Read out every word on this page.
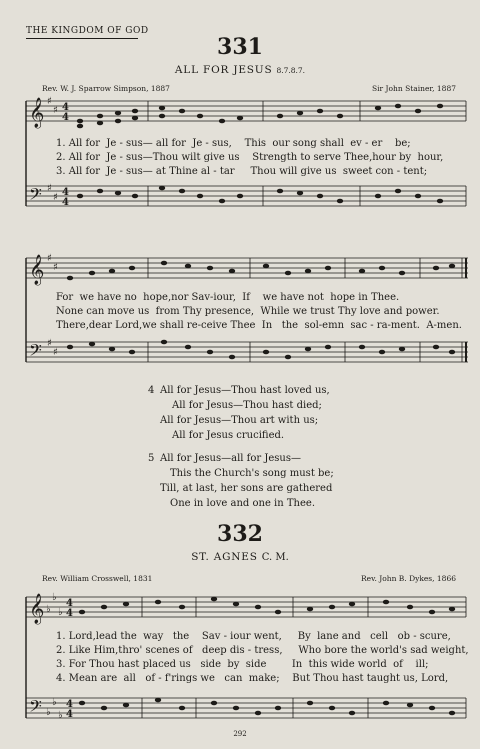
THE KINGDOM OF GOD
331
ALL FOR JESUS 8.7.8.7.
Rev. W. J. Sparrow Simpson, 1887	Sir John Stainer, 1887
𝄞
𝄢
𝄞
𝄢
𝄞
𝄢
♯
♯
♯
♯
♯
♯
♯
♯
♭
♭
♭
♭
♭
♭
4
4
4
4
4
4
4
4
1. All for  Je - sus— all for  Je - sus,    This  our song shall  ev - er    be;
2. All for  Je - sus—Thou wilt give us    Strength to serve Thee,hour by  hour,
3. All for  Je - sus— at Thine al - tar     Thou will give us  sweet con - tent;
For  we have no  hope,nor Sav-iour,  If    we have not  hope in Thee.
None can move us  from Thy presence,  While we trust Thy love and power.
There,dear Lord,we shall re-ceive Thee  In   the  sol-emn  sac - ra-ment.  A-men.
4 All for Jesus—Thou hast loved us,
All for Jesus—Thou hast died;
All for Jesus—Thou art with us;
All for Jesus crucified.
5 All for Jesus—all for Jesus—
This the Church's song must be;
Till, at last, her sons are gathered
One in love and one in Thee.
332
ST. AGNES C. M.
Rev. William Crosswell, 1831	Rev. John B. Dykes, 1866
1. Lord,lead the  way   the    Sav - iour went,     By  lane and   cell   ob - scure,
2. Like Him,thro' scenes of   deep dis - tress,     Who bore the world's sad weight,
3. For Thou hast placed us   side  by  side        In  this wide world  of    ill;
4. Mean are  all   of - f'rings we   can  make;    But Thou hast taught us, Lord,
292
